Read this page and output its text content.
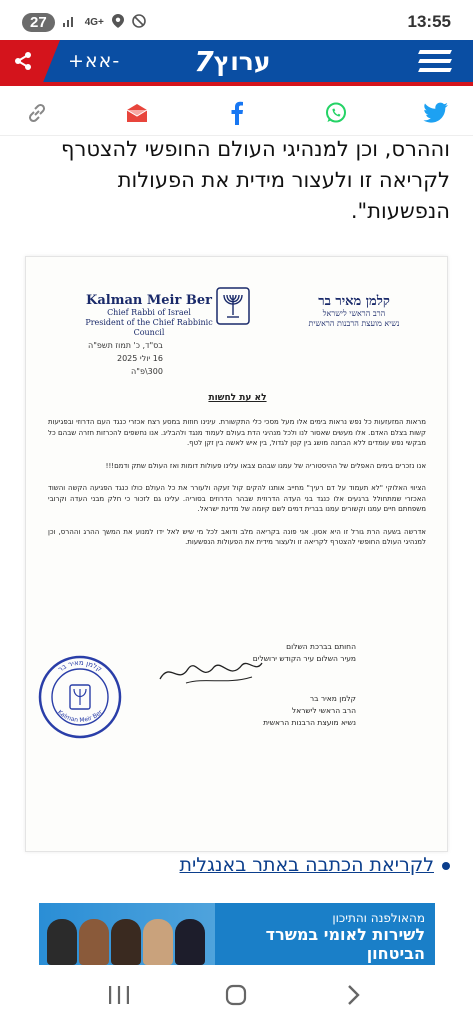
27	4G+	13:55
+אא-	7 ערוץ
וההרס, וכן למנהיגי העולם החופשי להצטרף
לקריאה זו ולעצור מידית את הפעולות
הנפשעות".
Kalman Meir Ber
Chief Rabbi of Israel
President of the Chief Rabbinic Council
קלמן מאיר בר
הרב הראשי לישראל
נשיא מועצת הרבנות הראשית
בס"ד, כ' תמוז תשפ"ה
16 יולי 2025
300\פ"ה
לא עת לחשות

מראות המזעזעות כל נפש נראות בימים אלו מעל מסכי כלי התקשורת. עינינו חוזות במסע רצח אכזרי כנגד העם הדרוזי ובפגיעות קשות בצלם האדם. אלו מעשים שאסור לנו ולכל מנהיגי הדת בעולם לעמוד מנגד ולהבליג. אנו נחשפים להכרזות חזרה שבהם כל מבקשי נפש עומדים ללא הבחנה מושג בין קטן לגדול, בין איש לאשה בין זקן לטף.

אנו נזכרים בימים האפלים של ההיסטוריה של עמנו שבהם צבאו עלינו פעולות דומות ואז העולם שתק ודמם!!!

הציווי האלוקי "לא תעמוד על דם רעיך" מחייב אותנו להקים קול זעקה ולעורר את כל העולם כולו כנגד הפגיעה הקשה והשוד האכזרי שמתחולל ברגעים אלו כנגד בני העדה הדרוזית שבהר הדרוזים בסוריה. עלינו גם לזכור כי חלק מבני העדה וקרובי משפחתם חיים עמנו וקשורים עמנו בברית דמים לשם קיומה של מדינת ישראל.

אדרשה בשעה הרת גורל זו היא אסון. אני פונה בקריאה מלב ודואב לכל מי שיש לאל ידו למנוע את המשך ההרג וההרס, וכן למנהיגי העולם החופשי להצטרף לקריאה זו ולעצור מידית את הפעולות הנפשעות.

החותם בברכת השלום
מעיר השלום עיר הקודש ירושלים
קלמן מאיר בר
הרב הראשי לישראל
נשיא מועצת הרבנות הראשית
קלמן מאיר בר
Kalman Meir Ber
לקריאת הכתבה באתר באנגלית
מהאולפנה והתיכון
לשירות לאומי במשרד הביטחון
